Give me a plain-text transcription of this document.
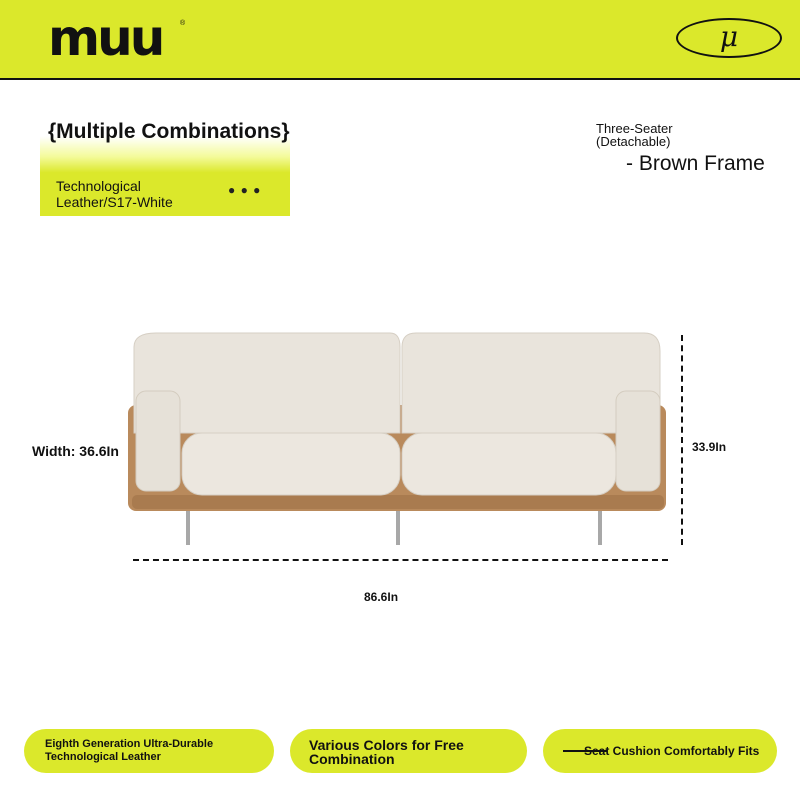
muu	®	μ
{Multiple Combinations}
Technological Leather/S17-White
● ● ●
Three-Seater (Detachable)
- Brown Frame
Width: 36.6In	33.9In
86.6In
Eighth Generation Ultra-Durable Technological Leather
Various Colors for Free Combination	Seat Cushion Comfortably Fits
